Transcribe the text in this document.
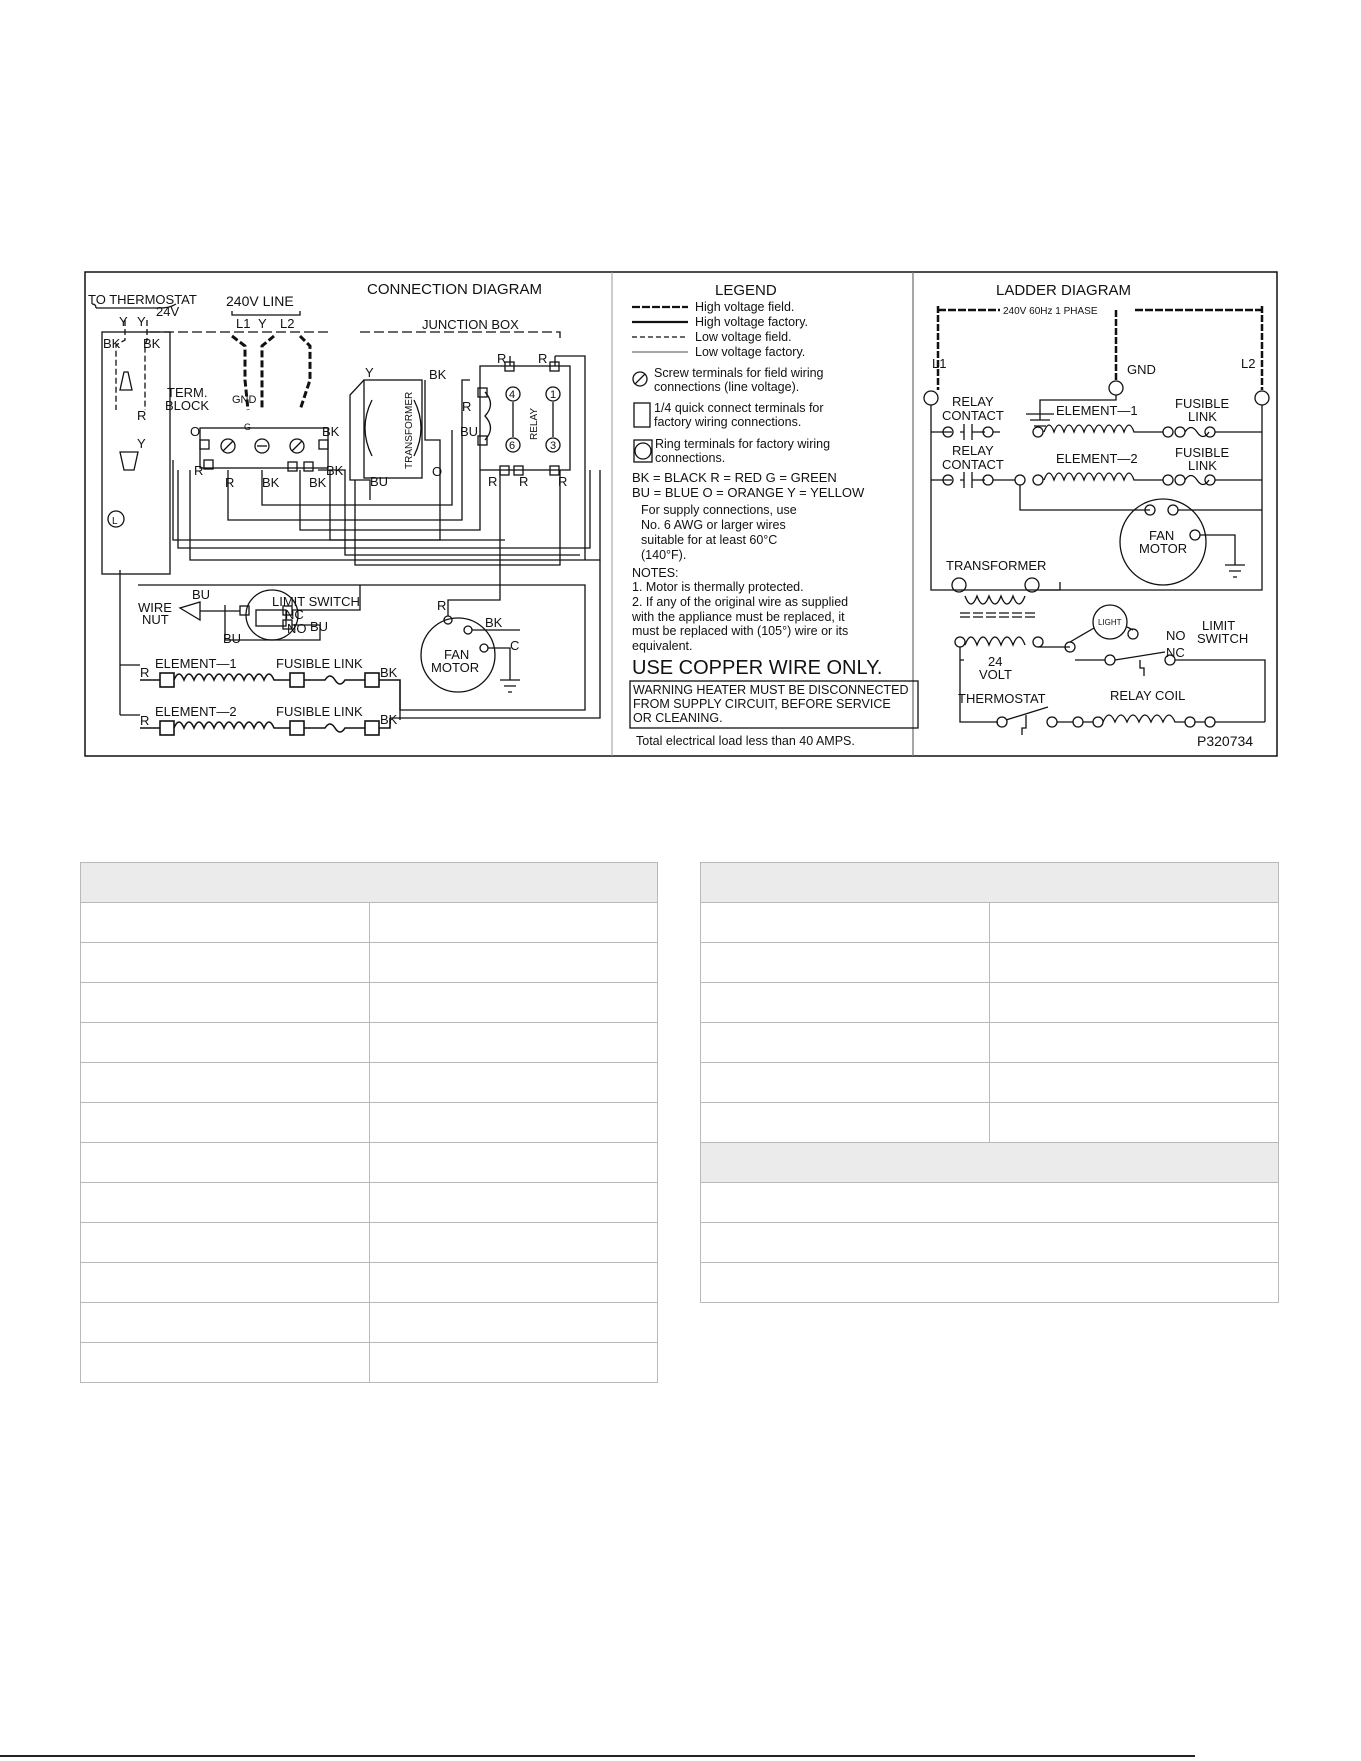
CONNECTION DIAGRAM
TO THERMOSTAT
24V
Y Y
BK BK
R
Y
L
240V LINE
L1 Y L2	JUNCTION BOX
TERM.
BLOCK GND
G
O	BK
R
R BK BK
BK
Y	BK
O
BU
TRANSFORMER
R R
R
BU
4	1
6	3
RELAY
R R R
BU
WIRE
NUT
BU
LIMIT SWITCH
NC
NO BU
R
BK
C
FAN
MOTOR
ELEMENT—1	FUSIBLE LINK
BK
R
ELEMENT—2	FUSIBLE LINK
BK
R
LEGEND
High voltage field.
High voltage factory.
Low voltage field.
Low voltage factory.
Screw terminals for field wiring
connections (line voltage).
1/4 quick connect terminals for
factory wiring connections.
Ring terminals for factory wiring
connections.
BK = BLACK R = RED G = GREEN
BU = BLUE O = ORANGE Y = YELLOW
For supply connections, use
No. 6 AWG or larger wires
suitable for at least 60°C
(140°F).
NOTES:
1. Motor is thermally protected.
2. If any of the original wire as supplied
with the appliance must be replaced, it
must be replaced with (105°) wire or its
equivalent.
USE COPPER WIRE ONLY.
WARNING HEATER MUST BE DISCONNECTED
FROM SUPPLY CIRCUIT, BEFORE SERVICE
OR CLEANING.
Total electrical load less than 40 AMPS.
LADDER DIAGRAM
240V 60Hz 1 PHASE
L1	L2
GND
RELAY
CONTACT	ELEMENT—1	FUSIBLE
LINK
RELAY
CONTACT	ELEMENT—2	FUSIBLE
LINK
FAN
MOTOR
TRANSFORMER
LIGHT
NO
NC
LIMIT
SWITCH
24
VOLT
THERMOSTAT	RELAY COIL
P320734
